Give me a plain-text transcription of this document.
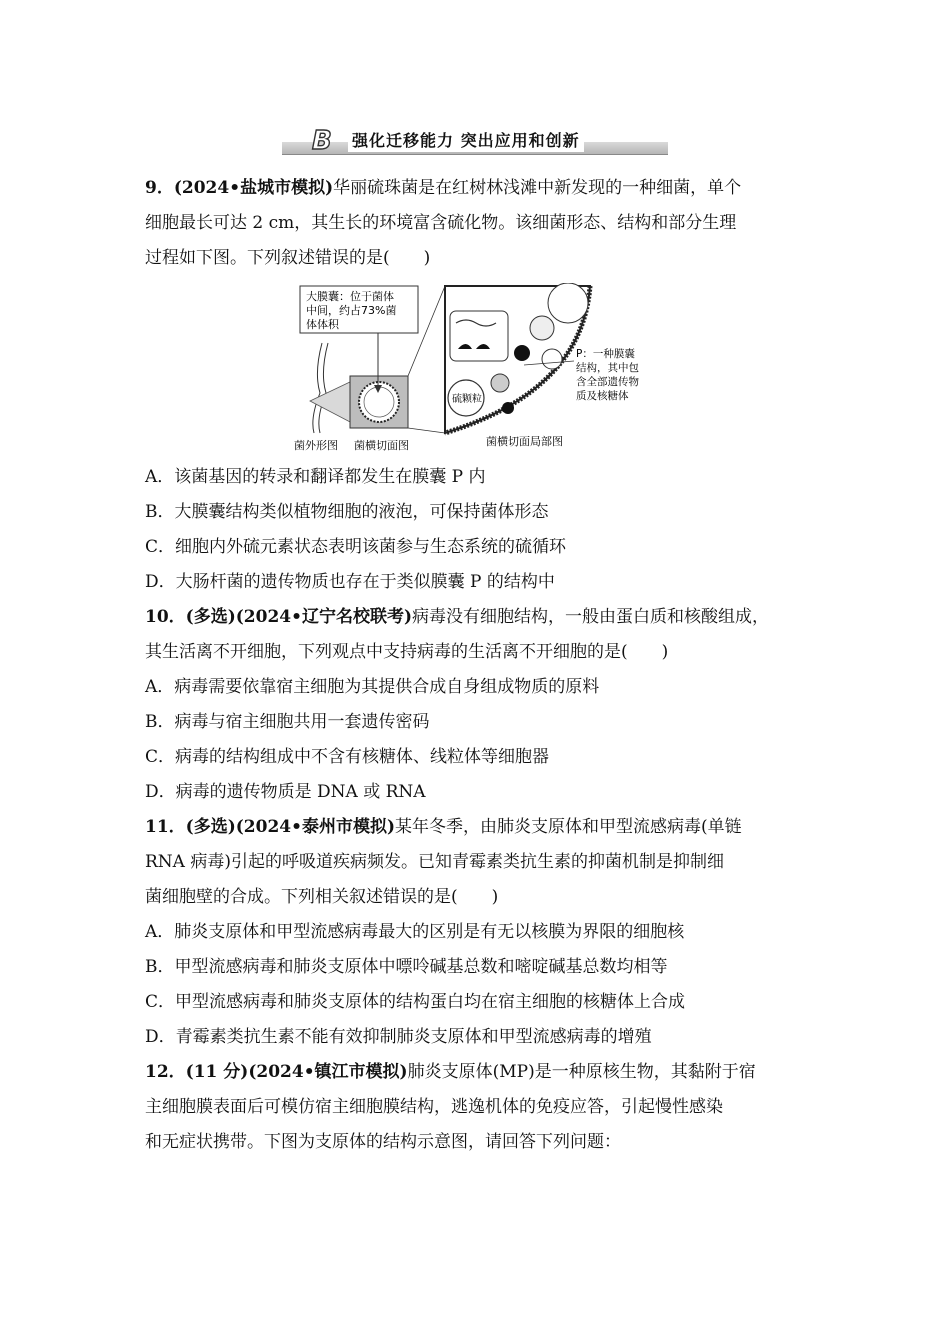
B 强化迁移能力 突出应用和创新
9．(2024•盐城市模拟)华丽硫珠菌是在红树林浅滩中新发现的一种细菌，单个
细胞最长可达 2 cm，其生长的环境富含硫化物。该细菌形态、结构和部分生理
过程如下图。下列叙述错误的是(　　)
大膜囊：位于菌体
中间，约占73%菌
体体积
硫颗粒
P：一种膜囊
结构，其中包
含全部遗传物
质及核糖体
菌外形图 菌横切面图	菌横切面局部图
A．该菌基因的转录和翻译都发生在膜囊 P 内
B．大膜囊结构类似植物细胞的液泡，可保持菌体形态
C．细胞内外硫元素状态表明该菌参与生态系统的硫循环
D．大肠杆菌的遗传物质也存在于类似膜囊 P 的结构中
10．(多选)(2024•辽宁名校联考)病毒没有细胞结构，一般由蛋白质和核酸组成，
其生活离不开细胞，下列观点中支持病毒的生活离不开细胞的是(　　)
A．病毒需要依靠宿主细胞为其提供合成自身组成物质的原料
B．病毒与宿主细胞共用一套遗传密码
C．病毒的结构组成中不含有核糖体、线粒体等细胞器
D．病毒的遗传物质是 DNA 或 RNA
11．(多选)(2024•泰州市模拟)某年冬季，由肺炎支原体和甲型流感病毒(单链
RNA 病毒)引起的呼吸道疾病频发。已知青霉素类抗生素的抑菌机制是抑制细
菌细胞壁的合成。下列相关叙述错误的是(　　)
A．肺炎支原体和甲型流感病毒最大的区别是有无以核膜为界限的细胞核
B．甲型流感病毒和肺炎支原体中嘌呤碱基总数和嘧啶碱基总数均相等
C．甲型流感病毒和肺炎支原体的结构蛋白均在宿主细胞的核糖体上合成
D．青霉素类抗生素不能有效抑制肺炎支原体和甲型流感病毒的增殖
12．(11 分)(2024•镇江市模拟)肺炎支原体(MP)是一种原核生物，其黏附于宿
主细胞膜表面后可模仿宿主细胞膜结构，逃逸机体的免疫应答，引起慢性感染
和无症状携带。下图为支原体的结构示意图，请回答下列问题：
